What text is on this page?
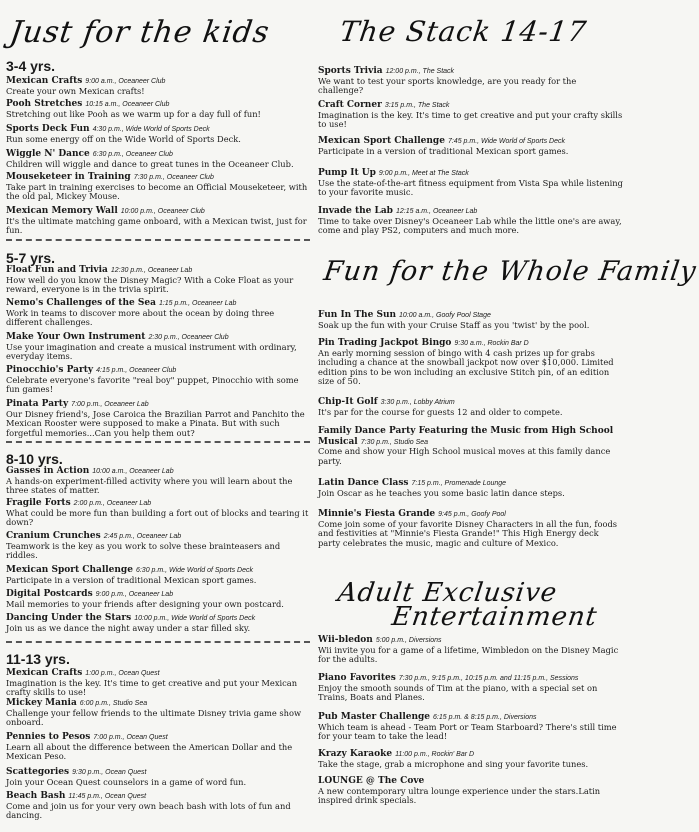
Just for the kids
3-4 yrs.
Mexican Crafts 9:00 a.m., Oceaneer Club
Create your own Mexican crafts!
Pooh Stretches 10:15 a.m., Oceaneer Club
Stretching out like Pooh as we warm up for a day full of fun!
Sports Deck Fun 4:30 p.m., Wide World of Sports Deck
Run some energy off on the Wide World of Sports Deck.
Wiggle N' Dance 6:30 p.m., Oceaneer Club
Children will wiggle and dance to great tunes in the Oceaneer Club.
Mouseketeer in Training 7:30 p.m., Oceaneer Club
Take part in training exercises to become an Official Mouseketeer, with the old pal, Mickey Mouse.
Mexican Memory Wall 10:00 p.m., Oceaneer Club
It's the ultimate matching game onboard, with a Mexican twist, just for fun.
5-7 yrs.
Float Fun and Trivia 12:30 p.m., Oceaneer Lab
How well do you know the Disney Magic? With a Coke Float as your reward, everyone is in the trivia spirit.
Nemo's Challenges of the Sea 1:15 p.m., Oceaneer Lab
Work in teams to discover more about the ocean by doing three different challenges.
Make Your Own Instrument 2:30 p.m., Oceaneer Club
Use your imagination and create a musical instrument with ordinary, everyday items.
Pinocchio's Party 4:15 p.m., Oceaneer Club
Celebrate everyone's favorite "real boy" puppet, Pinocchio with some fun games!
Pinata Party 7:00 p.m., Oceaneer Lab
Our Disney friend's, Jose Caroica the Brazilian Parrot and Panchito the Mexican Rooster were supposed to make a Pinata. But with such forgetful memories...Can you help them out?
8-10 yrs.
Gasses in Action 10:00 a.m., Oceaneer Lab
A hands-on experiment-filled activity where you will learn about the three states of matter.
Fragile Forts 2:00 p.m., Oceaneer Lab
What could be more fun than building a fort out of blocks and tearing it down?
Cranium Crunches 2:45 p.m., Oceaneer Lab
Teamwork is the key as you work to solve these brainteasers and riddles.
Mexican Sport Challenge 6:30 p.m., Wide World of Sports Deck
Participate in a version of traditional Mexican sport games.
Digital Postcards 9:00 p.m., Oceaneer Lab
Mail memories to your friends after designing your own postcard.
Dancing Under the Stars 10:00 p.m., Wide World of Sports Deck
Join us as we dance the night away under a star filled sky.
11-13 yrs.
Mexican Crafts 1:00 p.m., Ocean Quest
Imagination is the key. It's time to get creative and put your Mexican crafty skills to use!
Mickey Mania 6:00 p.m., Studio Sea
Challenge your fellow friends to the ultimate Disney trivia game show onboard.
Pennies to Pesos 7:00 p.m., Ocean Quest
Learn all about the difference between the American Dollar and the Mexican Peso.
Scattegories 9:30 p.m., Ocean Quest
Join your Ocean Quest counselors in a game of word fun.
Beach Bash 11:45 p.m., Ocean Quest
Come and join us for your very own beach bash with lots of fun and dancing.
The Stack 14-17
Sports Trivia 12:00 p.m., The Stack
We want to test your sports knowledge, are you ready for the challenge?
Craft Corner 3:15 p.m., The Stack
Imagination is the key. It's time to get creative and put your crafty skills to use!
Mexican Sport Challenge 7:45 p.m., Wide World of Sports Deck
Participate in a version of traditional Mexican sport games.
Pump It Up 9:00 p.m., Meet at The Stack
Use the state-of-the-art fitness equipment from Vista Spa while listening to your favorite music.
Invade the Lab 12:15 a.m., Oceaneer Lab
Time to take over Disney's Oceaneer Lab while the little one's are away, come and play PS2, computers and much more.
Fun for the Whole Family
Fun In The Sun 10:00 a.m., Goofy Pool Stage
Soak up the fun with your Cruise Staff as you 'twist' by the pool.
Pin Trading Jackpot Bingo 9:30 a.m., Rockin Bar D
An early morning session of bingo with 4 cash prizes up for grabs including a chance at the snowball jackpot now over $10,000. Limited edition pins to be won including an exclusive Stitch pin, of an edition size of 50.
Chip-It Golf 3:30 p.m., Lobby Atrium
It's par for the course for guests 12 and older to compete.
Family Dance Party Featuring the Music from High School Musical 7:30 p.m., Studio Sea
Come and show your High School musical moves at this family dance party.
Latin Dance Class 7:15 p.m., Promenade Lounge
Join Oscar as he teaches you some basic latin dance steps.
Minnie's Fiesta Grande 9:45 p.m., Goofy Pool
Come join some of your favorite Disney Characters in all the fun, foods and festivities at "Minnie's Fiesta Grande!" This High Energy deck party celebrates the music, magic and culture of Mexico.
Adult Exclusive
Entertainment
Wii-bledon 5:00 p.m., Diversions
Wii invite you for a game of a lifetime, Wimbledon on the Disney Magic for the adults.
Piano Favorites 7:30 p.m., 9:15 p.m., 10:15 p.m. and 11:15 p.m., Sessions
Enjoy the smooth sounds of Tim at the piano, with a special set on Trains, Boats and Planes.
Pub Master Challenge 6:15 p.m. & 8:15 p.m., Diversions
Which team is ahead - Team Port or Team Starboard? There's still time for your team to take the lead!
Krazy Karaoke 11:00 p.m., Rockin' Bar D
Take the stage, grab a microphone and sing your favorite tunes.
LOUNGE @ The Cove
A new contemporary ultra lounge experience under the stars.Latin inspired drink specials.
